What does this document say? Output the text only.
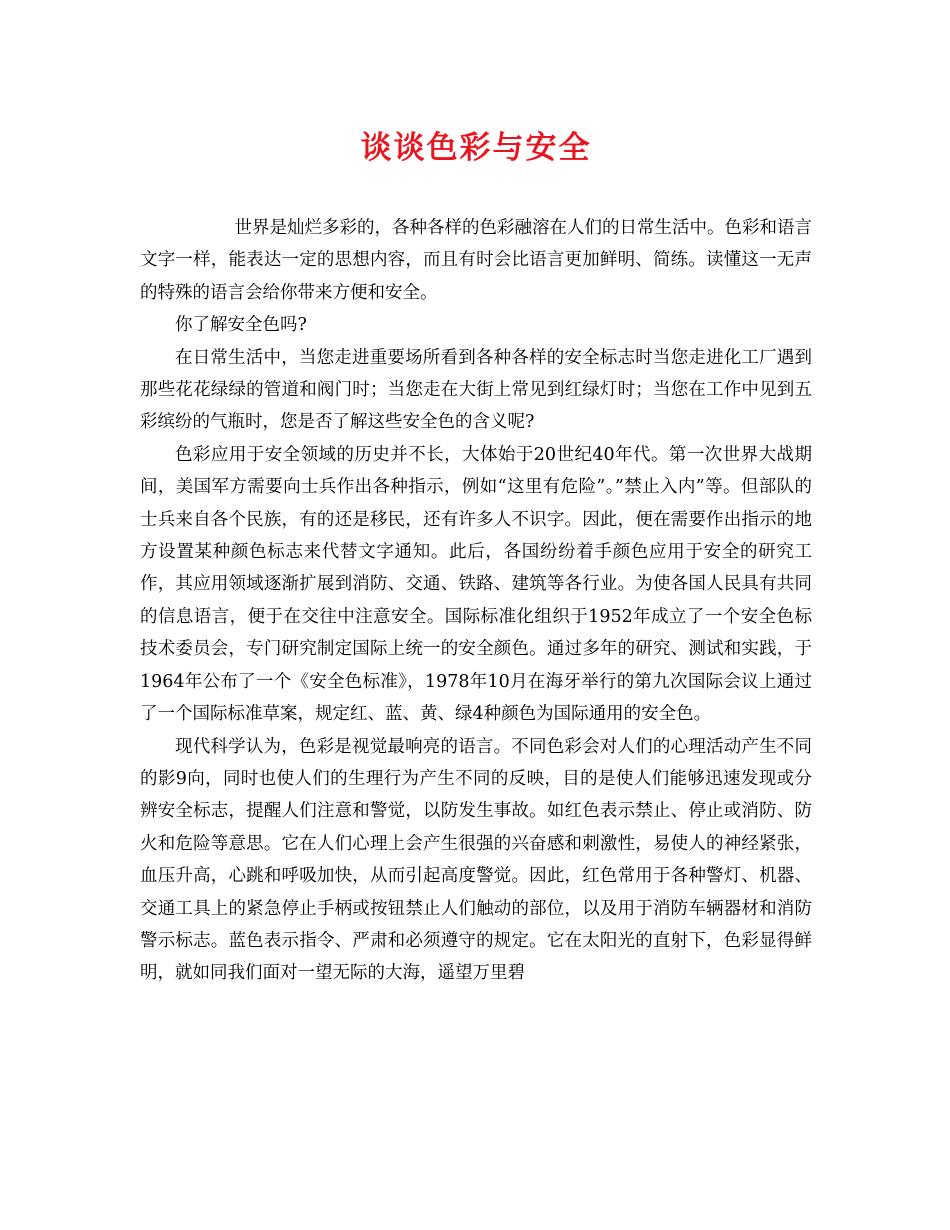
谈谈色彩与安全

世界是灿烂多彩的，各种各样的色彩融溶在人们的日常生活中。色彩和语言文字一样，能表达一定的思想内容，而且有时会比语言更加鲜明、简练。读懂这一无声的特殊的语言会给你带来方便和安全。

你了解安全色吗?

在日常生活中，当您走进重要场所看到各种各样的安全标志时当您走进化工厂遇到那些花花绿绿的管道和阀门时；当您走在大街上常见到红绿灯时；当您在工作中见到五彩缤纷的气瓶时，您是否了解这些安全色的含义呢?

色彩应用于安全领域的历史并不长，大体始于20世纪40年代。第一次世界大战期间，美国军方需要向士兵作出各种指示，例如“这里有危险”。”禁止入内”等。但部队的士兵来自各个民族，有的还是移民，还有许多人不识字。因此，便在需要作出指示的地方设置某种颜色标志来代替文字通知。此后，各国纷纷着手颜色应用于安全的研究工作，其应用领域逐渐扩展到消防、交通、铁路、建筑等各行业。为使各国人民具有共同的信息语言，便于在交往中注意安全。国际标准化组织于1952年成立了一个安全色标技术委员会，专门研究制定国际上统一的安全颜色。通过多年的研究、测试和实践，于1964年公布了一个《安全色标准》，1978年10月在海牙举行的第九次国际会议上通过了一个国际标准草案，规定红、蓝、黄、绿4种颜色为国际通用的安全色。

现代科学认为，色彩是视觉最响亮的语言。不同色彩会对人们的心理活动产生不同的影9向，同时也使人们的生理行为产生不同的反映，目的是使人们能够迅速发现或分辨安全标志，提醒人们注意和警觉，以防发生事故。如红色表示禁止、停止或消防、防火和危险等意思。它在人们心理上会产生很强的兴奋感和刺激性，易使人的神经紧张，血压升高，心跳和呼吸加快，从而引起高度警觉。因此，红色常用于各种警灯、机器、交通工具上的紧急停止手柄或按钮禁止人们触动的部位，以及用于消防车辆器材和消防警示标志。蓝色表示指令、严肃和必须遵守的规定。它在太阳光的直射下，色彩显得鲜明，就如同我们面对一望无际的大海，遥望万里碧
